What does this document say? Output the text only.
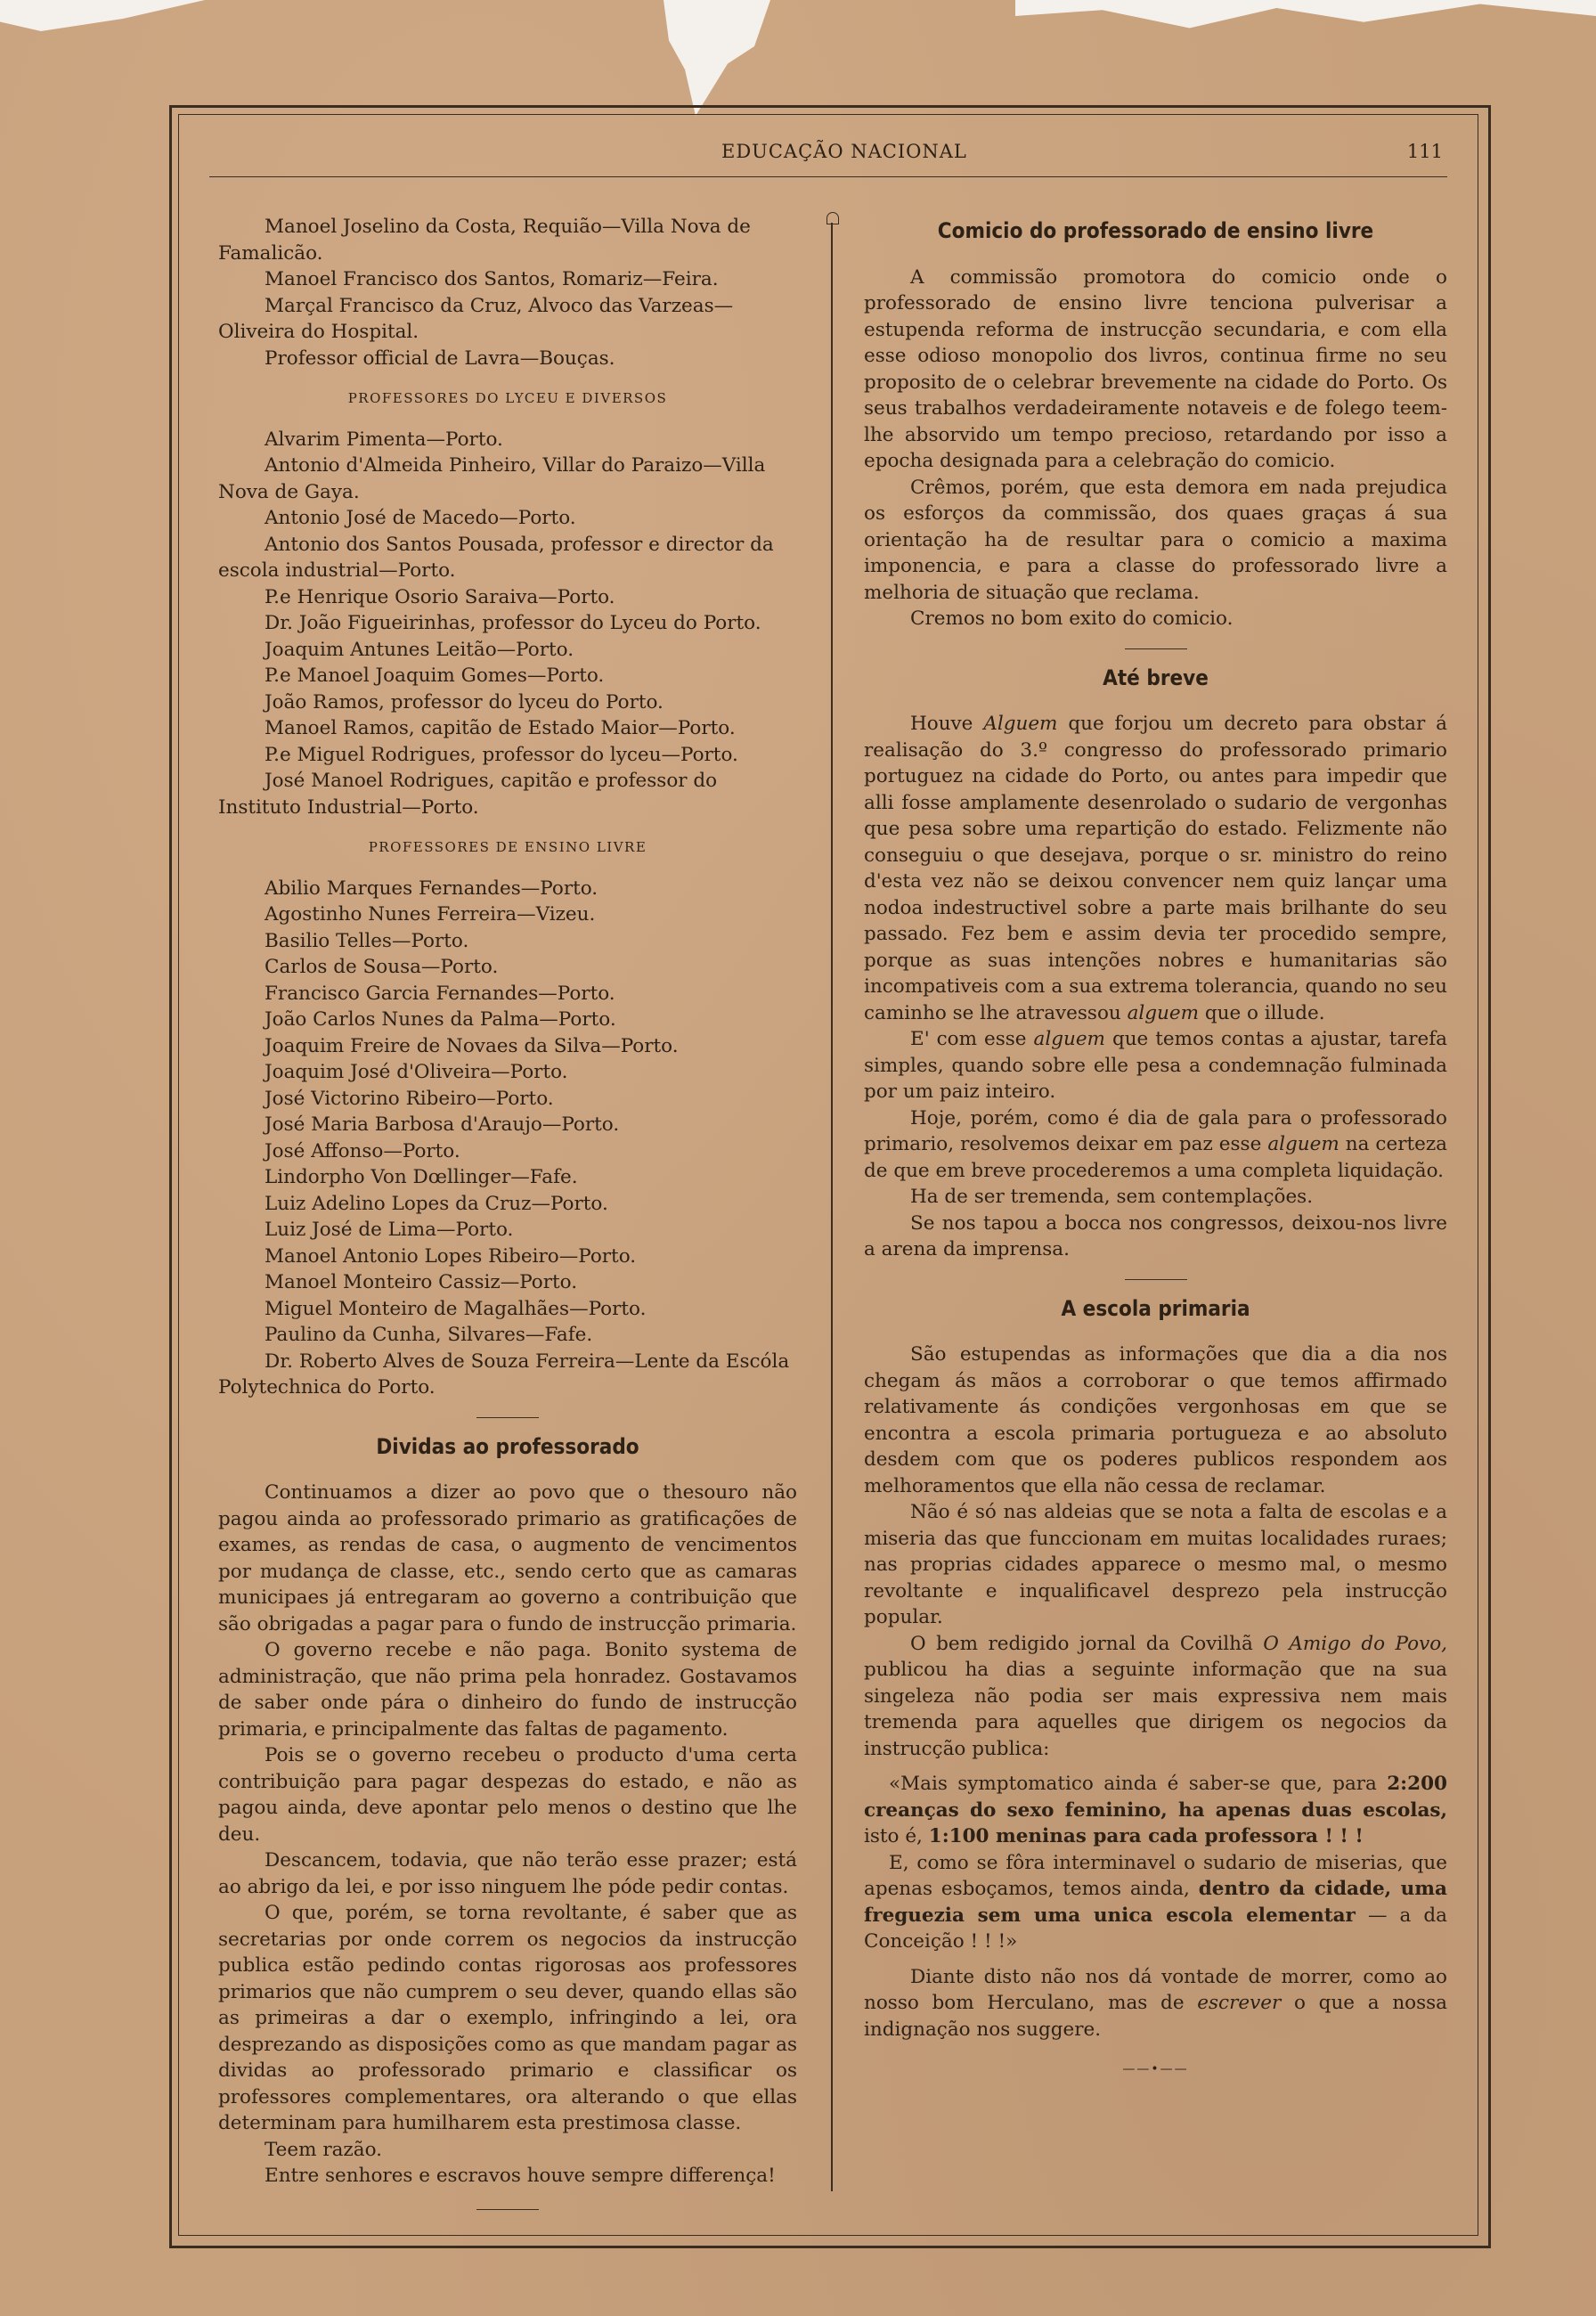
EDUCAÇÃO NACIONAL	111

Manoel Joselino da Costa, Requião—Villa Nova de Famalicão.

Manoel Francisco dos Santos, Romariz—Feira.

Marçal Francisco da Cruz, Alvoco das Varzeas—Oliveira do Hospital.

Professor official de Lavra—Bouças.

PROFESSORES DO LYCEU E DIVERSOS

Alvarim Pimenta—Porto.

Antonio d'Almeida Pinheiro, Villar do Paraizo—Villa Nova de Gaya.

Antonio José de Macedo—Porto.

Antonio dos Santos Pousada, professor e director da escola industrial—Porto.

P.e Henrique Osorio Saraiva—Porto.

Dr. João Figueirinhas, professor do Lyceu do Porto.

Joaquim Antunes Leitão—Porto.

P.e Manoel Joaquim Gomes—Porto.

João Ramos, professor do lyceu do Porto.

Manoel Ramos, capitão de Estado Maior—Porto.

P.e Miguel Rodrigues, professor do lyceu—Porto.

José Manoel Rodrigues, capitão e professor do Instituto Industrial—Porto.

PROFESSORES DE ENSINO LIVRE

Abilio Marques Fernandes—Porto.

Agostinho Nunes Ferreira—Vizeu.

Basilio Telles—Porto.

Carlos de Sousa—Porto.

Francisco Garcia Fernandes—Porto.

João Carlos Nunes da Palma—Porto.

Joaquim Freire de Novaes da Silva—Porto.

Joaquim José d'Oliveira—Porto.

José Victorino Ribeiro—Porto.

José Maria Barbosa d'Araujo—Porto.

José Affonso—Porto.

Lindorpho Von Dœllinger—Fafe.

Luiz Adelino Lopes da Cruz—Porto.

Luiz José de Lima—Porto.

Manoel Antonio Lopes Ribeiro—Porto.

Manoel Monteiro Cassiz—Porto.

Miguel Monteiro de Magalhães—Porto.

Paulino da Cunha, Silvares—Fafe.

Dr. Roberto Alves de Souza Ferreira—Lente da Escóla Polytechnica do Porto.

Dividas ao professorado

Continuamos a dizer ao povo que o thesouro não pagou ainda ao professorado primario as gratificações de exames, as rendas de casa, o augmento de vencimentos por mudança de classe, etc., sendo certo que as camaras municipaes já entregaram ao governo a contribuição que são obrigadas a pagar para o fundo de instrucção primaria.

O governo recebe e não paga. Bonito systema de administração, que não prima pela honradez. Gostavamos de saber onde pára o dinheiro do fundo de instrucção primaria, e principalmente das faltas de pagamento.

Pois se o governo recebeu o producto d'uma certa contribuição para pagar despezas do estado, e não as pagou ainda, deve apontar pelo menos o destino que lhe deu.

Descancem, todavia, que não terão esse prazer; está ao abrigo da lei, e por isso ninguem lhe póde pedir contas.

O que, porém, se torna revoltante, é saber que as secretarias por onde correm os negocios da instrucção publica estão pedindo contas rigorosas aos professores primarios que não cumprem o seu dever, quando ellas são as primeiras a dar o exemplo, infringindo a lei, ora desprezando as disposições como as que mandam pagar as dividas ao professorado primario e classificar os professores complementares, ora alterando o que ellas determinam para humilharem esta prestimosa classe.

Teem razão.

Entre senhores e escravos houve sempre differença!

Comicio do professorado de ensino livre

A commissão promotora do comicio onde o professorado de ensino livre tenciona pulverisar a estupenda reforma de instrucção secundaria, e com ella esse odioso monopolio dos livros, continua firme no seu proposito de o celebrar brevemente na cidade do Porto. Os seus trabalhos verdadeiramente notaveis e de folego teem-lhe absorvido um tempo precioso, retardando por isso a epocha designada para a celebração do comicio.

Crêmos, porém, que esta demora em nada prejudica os esforços da commissão, dos quaes graças á sua orientação ha de resultar para o comicio a maxima imponencia, e para a classe do professorado livre a melhoria de situação que reclama.

Cremos no bom exito do comicio.

Até breve

Houve Alguem que forjou um decreto para obstar á realisação do 3.º congresso do professorado primario portuguez na cidade do Porto, ou antes para impedir que alli fosse amplamente desenrolado o sudario de vergonhas que pesa sobre uma repartição do estado. Felizmente não conseguiu o que desejava, porque o sr. ministro do reino d'esta vez não se deixou convencer nem quiz lançar uma nodoa indestructivel sobre a parte mais brilhante do seu passado. Fez bem e assim devia ter procedido sempre, porque as suas intenções nobres e humanitarias são incompativeis com a sua extrema tolerancia, quando no seu caminho se lhe atravessou alguem que o illude.

E' com esse alguem que temos contas a ajustar, tarefa simples, quando sobre elle pesa a condemnação fulminada por um paiz inteiro.

Hoje, porém, como é dia de gala para o professorado primario, resolvemos deixar em paz esse alguem na certeza de que em breve procederemos a uma completa liquidação.

Ha de ser tremenda, sem contemplações.

Se nos tapou a bocca nos congressos, deixou-nos livre a arena da imprensa.

A escola primaria

São estupendas as informações que dia a dia nos chegam ás mãos a corroborar o que temos affirmado relativamente ás condições vergonhosas em que se encontra a escola primaria portugueza e ao absoluto desdem com que os poderes publicos respondem aos melhoramentos que ella não cessa de reclamar.

Não é só nas aldeias que se nota a falta de escolas e a miseria das que funccionam em muitas localidades ruraes; nas proprias cidades apparece o mesmo mal, o mesmo revoltante e inqualificavel desprezo pela instrucção popular.

O bem redigido jornal da Covilhã O Amigo do Povo, publicou ha dias a seguinte informação que na sua singeleza não podia ser mais expressiva nem mais tremenda para aquelles que dirigem os negocios da instrucção publica:

«Mais symptomatico ainda é saber-se que, para 2:200 creanças do sexo feminino, ha apenas duas escolas, isto é, 1:100 meninas para cada professora ! ! !

E, como se fôra interminavel o sudario de miserias, que apenas esboçamos, temos ainda, dentro da cidade, uma freguezia sem uma unica escola elementar — a da Conceição ! ! !»

Diante disto não nos dá vontade de morrer, como ao nosso bom Herculano, mas de escrever o que a nossa indignação nos suggere.

——•——
